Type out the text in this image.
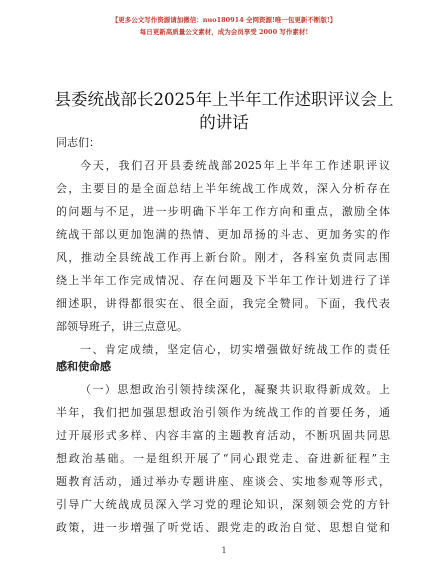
【更多公文写作资源请加微信：nuo180914 全网资源!唯一包更新不断版!】
每日更新高质量公文素材，成为会员享受 2000 写作素材!
县委统战部长2025年上半年工作述职评议会上
的讲话
同志们：
今天，我们召开县委统战部2025年上半年工作述职评议
会，主要目的是全面总结上半年统战工作成效，深入分析存在
的问题与不足，进一步明确下半年工作方向和重点，激励全体
统战干部以更加饱满的热情、更加昂扬的斗志、更加务实的作
风，推动全县统战工作再上新台阶。刚才，各科室负责同志围
绕上半年工作完成情况、存在问题及下半年工作计划进行了详
细述职，讲得都很实在、很全面，我完全赞同。下面，我代表
部领导班子，讲三点意见。
一、肯定成绩，坚定信心，切实增强做好统战工作的责任
感和使命感
（一）思想政治引领持续深化，凝聚共识取得新成效。上
半年，我们把加强思想政治引领作为统战工作的首要任务，通
过开展形式多样、内容丰富的主题教育活动，不断巩固共同思
想政治基础。一是组织开展了“同心跟党走、奋进新征程”主
题教育活动，通过举办专题讲座、座谈会、实地参观等形式，
引导广大统战成员深入学习党的理论知识，深刻领会党的方针
政策，进一步增强了听党话、跟党走的政治自觉、思想自觉和
1
